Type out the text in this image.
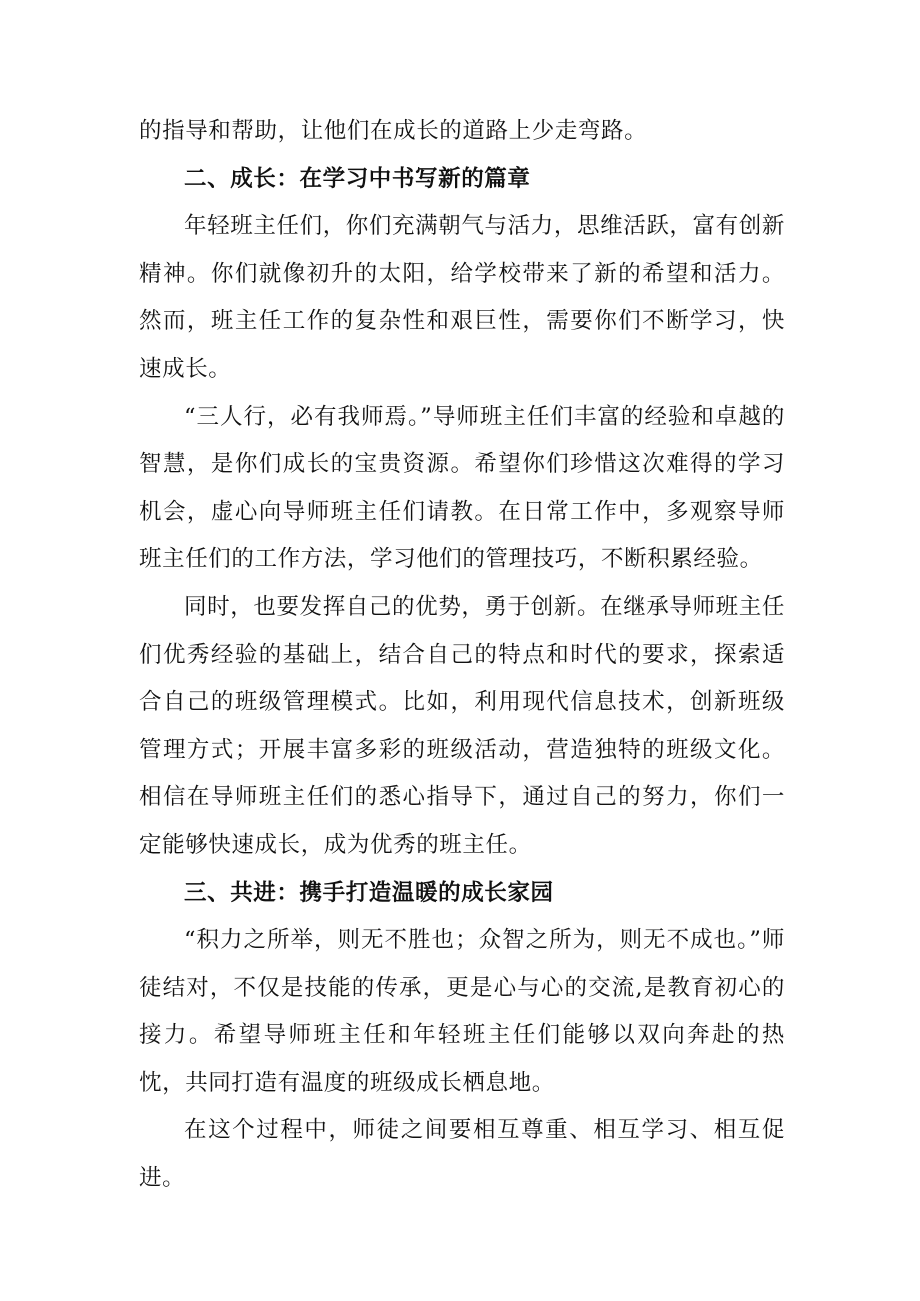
的指导和帮助，让他们在成长的道路上少走弯路。

二、成长：在学习中书写新的篇章

年轻班主任们，你们充满朝气与活力，思维活跃，富有创新精神。你们就像初升的太阳，给学校带来了新的希望和活力。然而，班主任工作的复杂性和艰巨性，需要你们不断学习，快速成长。

“三人行，必有我师焉。”导师班主任们丰富的经验和卓越的智慧，是你们成长的宝贵资源。希望你们珍惜这次难得的学习机会，虚心向导师班主任们请教。在日常工作中，多观察导师班主任们的工作方法，学习他们的管理技巧，不断积累经验。

同时，也要发挥自己的优势，勇于创新。在继承导师班主任们优秀经验的基础上，结合自己的特点和时代的要求，探索适合自己的班级管理模式。比如，利用现代信息技术，创新班级管理方式；开展丰富多彩的班级活动，营造独特的班级文化。相信在导师班主任们的悉心指导下，通过自己的努力，你们一定能够快速成长，成为优秀的班主任。

三、共进：携手打造温暖的成长家园

“积力之所举，则无不胜也；众智之所为，则无不成也。”师徒结对，不仅是技能的传承，更是心与心的交流,是教育初心的接力。希望导师班主任和年轻班主任们能够以双向奔赴的热忱，共同打造有温度的班级成长栖息地。

在这个过程中，师徒之间要相互尊重、相互学习、相互促进。
